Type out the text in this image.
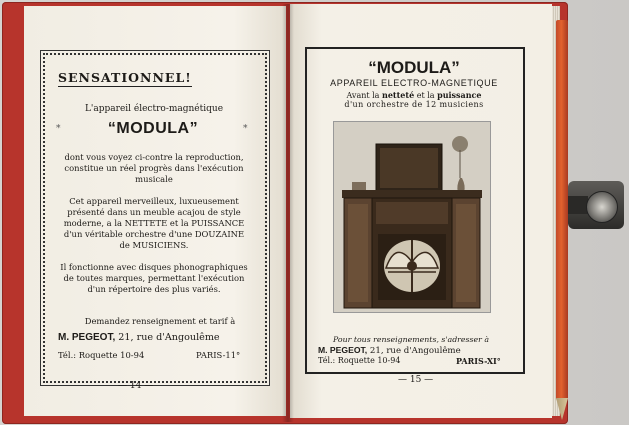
SENSATIONNEL!
L'appareil électro-magnétique
*	“MODULA”	*
dont vous voyez ci-contre la reproduction, constitue un réel progrès dans l'exécution musicale
Cet appareil merveilleux, luxueusement présenté dans un meuble acajou de style moderne, a la NETTETE et la PUISSANCE d'un véritable orchestre d'une DOUZAINE de MUSICIENS.
Il fonctionne avec disques phonographiques de toutes marques, permettant l'exécution d'un répertoire des plus variés.
Demandez renseignement et tarif à
M. PEGEOT, 21, rue d'Angoulême
Tél.: Roquette 10-94	PARIS-11°
— 14 —
“MODULA”
APPAREIL ELECTRO-MAGNETIQUE
Avant la netteté et la puissance
d'un orchestre de 12 musiciens
Pour tous renseignements, s'adresser à
M. PEGEOT, 21, rue d'Angoulême
Tél.: Roquette 10-94	PARIS-XI°
— 15 —
